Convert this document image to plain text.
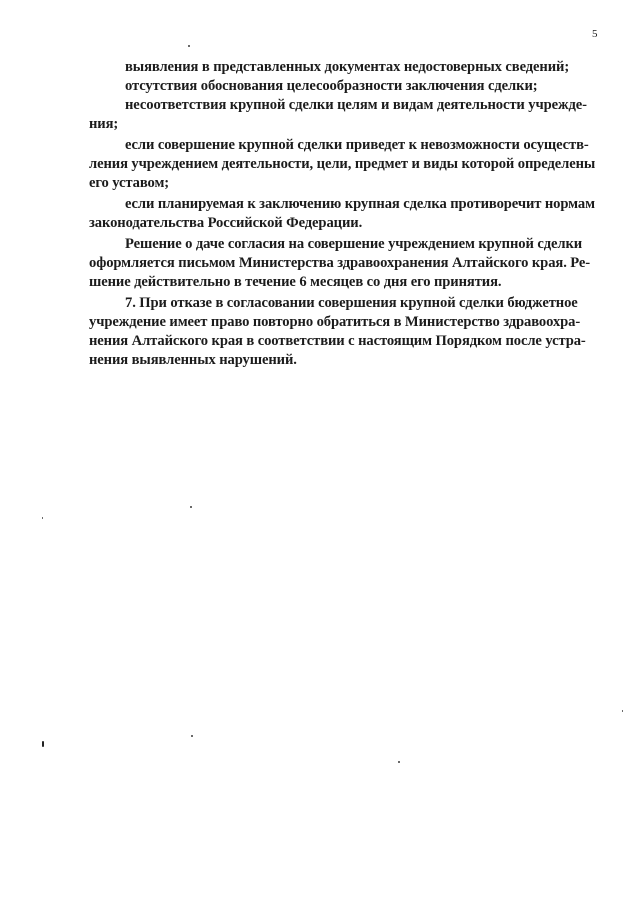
5
выявления в представленных документах недостоверных сведений;
отсутствия обоснования целесообразности заключения сделки;
несоответствия крупной сделки целям и видам деятельности учрежде-
ния;
если совершение крупной сделки приведет к невозможности осуществ-
ления учреждением деятельности, цели, предмет и виды которой определены
его уставом;
если планируемая к заключению крупная сделка противоречит нормам
законодательства Российской Федерации.
Решение о даче согласия на совершение учреждением крупной сделки
оформляется письмом Министерства здравоохранения Алтайского края. Ре-
шение действительно в течение 6 месяцев со дня его принятия.
7. При отказе в согласовании совершения крупной сделки бюджетное
учреждение имеет право повторно обратиться в Министерство здравоохра-
нения Алтайского края в соответствии с настоящим Порядком после устра-
нения выявленных нарушений.
